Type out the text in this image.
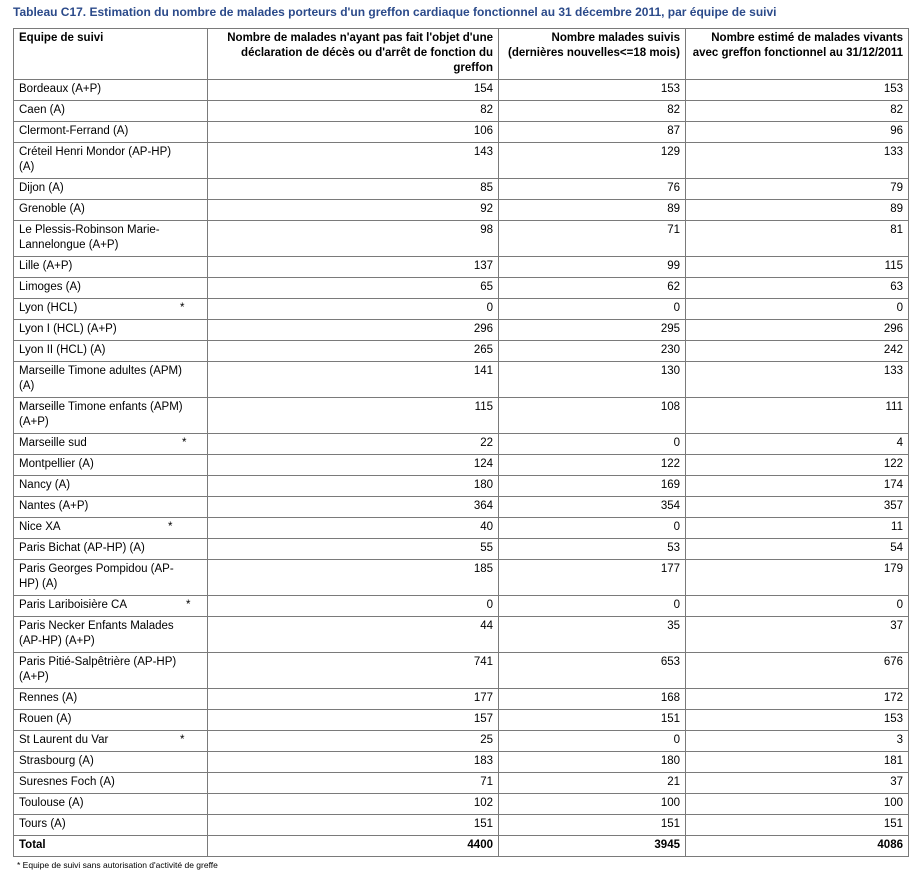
Tableau C17. Estimation du nombre de malades porteurs d'un greffon cardiaque fonctionnel au 31 décembre 2011, par équipe de suivi
Equipe de suivi	Nombre de malades n'ayant pas fait l'objet d'une déclaration de décès ou d'arrêt de fonction du greffon	Nombre malades suivis (dernières nouvelles<=18 mois)	Nombre estimé de malades vivants avec greffon fonctionnel au 31/12/2011
Bordeaux (A+P)	154	153	153
Caen (A)	82	82	82
Clermont-Ferrand (A)	106	87	96
Créteil Henri Mondor (AP-HP) (A)	143	129	133
Dijon (A)	85	76	79
Grenoble (A)	92	89	89
Le Plessis-Robinson Marie-Lannelongue (A+P)	98	71	81
Lille (A+P)	137	99	115
Limoges (A)	65	62	63
Lyon (HCL) *	0	0	0
Lyon I (HCL) (A+P)	296	295	296
Lyon II (HCL) (A)	265	230	242
Marseille Timone adultes (APM) (A)	141	130	133
Marseille Timone enfants (APM) (A+P)	115	108	111
Marseille sud *	22	0	4
Montpellier (A)	124	122	122
Nancy (A)	180	169	174
Nantes (A+P)	364	354	357
Nice XA *	40	0	11
Paris Bichat (AP-HP) (A)	55	53	54
Paris Georges Pompidou (AP-HP) (A)	185	177	179
Paris Lariboisière CA *	0	0	0
Paris Necker Enfants Malades (AP-HP) (A+P)	44	35	37
Paris Pitié-Salpêtrière (AP-HP) (A+P)	741	653	676
Rennes (A)	177	168	172
Rouen (A)	157	151	153
St Laurent du Var *	25	0	3
Strasbourg (A)	183	180	181
Suresnes Foch (A)	71	21	37
Toulouse (A)	102	100	100
Tours (A)	151	151	151
Total	4400	3945	4086
* Equipe de suivi sans autorisation d'activité de greffe
